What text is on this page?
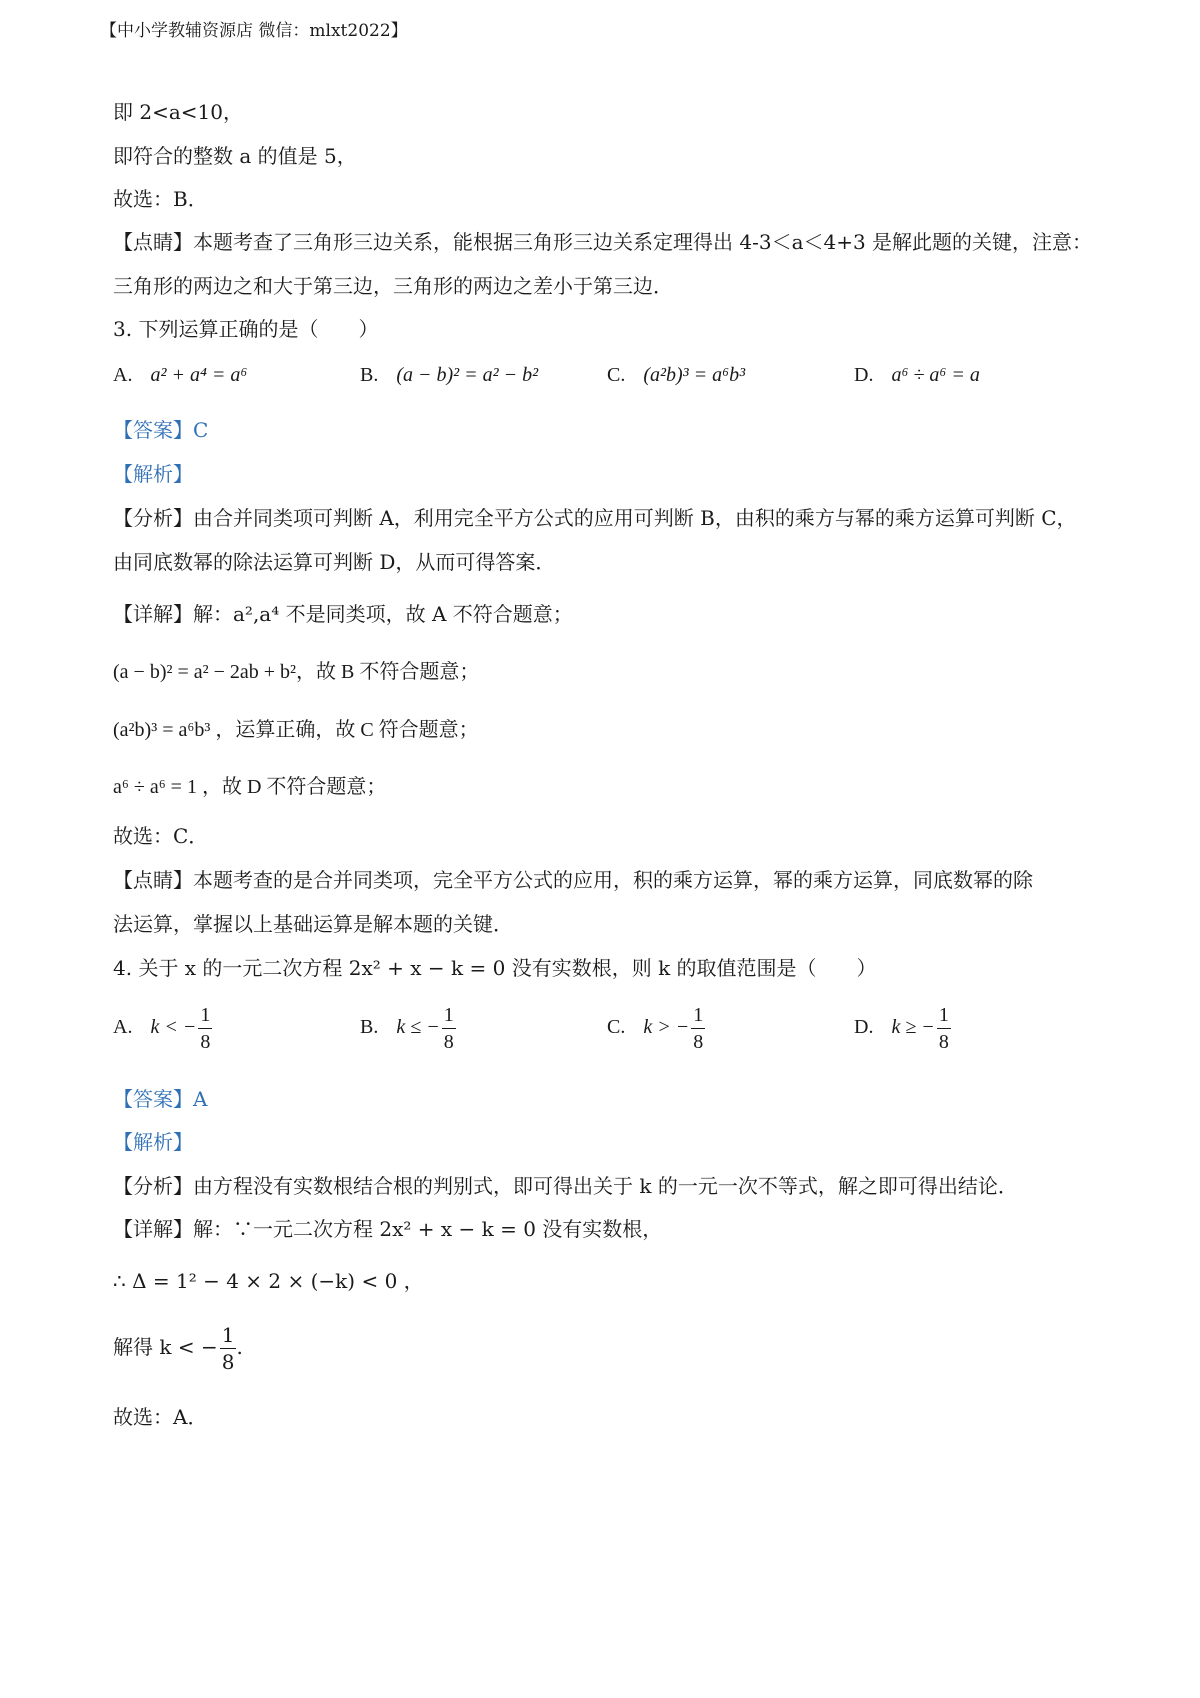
【中小学教辅资源店 微信：mlxt2022】
即 2<a<10，
即符合的整数 a 的值是 5，
故选：B．
【点睛】本题考查了三角形三边关系，能根据三角形三边关系定理得出 4-3＜a＜4+3 是解此题的关键，注意：
三角形的两边之和大于第三边，三角形的两边之差小于第三边．
3. 下列运算正确的是（　　）
A. a² + a⁴ = a⁶	B. (a − b)² = a² − b²	C. (a²b)³ = a⁶b³	D. a⁶ ÷ a⁶ = a
【答案】C
【解析】
【分析】由合并同类项可判断 A，利用完全平方公式的应用可判断 B，由积的乘方与幂的乘方运算可判断 C，
由同底数幂的除法运算可判断 D，从而可得答案．
【详解】解：a²,a⁴ 不是同类项，故 A 不符合题意；
(a − b)² = a² − 2ab + b²，故 B 不符合题意；
(a²b)³ = a⁶b³ ，运算正确，故 C 符合题意；
a⁶ ÷ a⁶ = 1 ，故 D 不符合题意；
故选：C．
【点睛】本题考查的是合并同类项，完全平方公式的应用，积的乘方运算，幂的乘方运算，同底数幂的除
法运算，掌握以上基础运算是解本题的关键．
4. 关于 x 的一元二次方程 2x² + x − k = 0 没有实数根，则 k 的取值范围是（　　）
A. k < − $\frac{1}{8}$	B. k ≤ − $\frac{1}{8}$	C. k > − $\frac{1}{8}$	D. k ≥ − $\frac{1}{8}$
【答案】A
【解析】
【分析】由方程没有实数根结合根的判别式，即可得出关于 k 的一元一次不等式，解之即可得出结论．
【详解】解：∵一元二次方程 2x² + x − k = 0 没有实数根，
∴ Δ = 1² − 4 × 2 × (−k) < 0 ，
解得 k < − $\frac{1}{8}$ .
故选：A．
